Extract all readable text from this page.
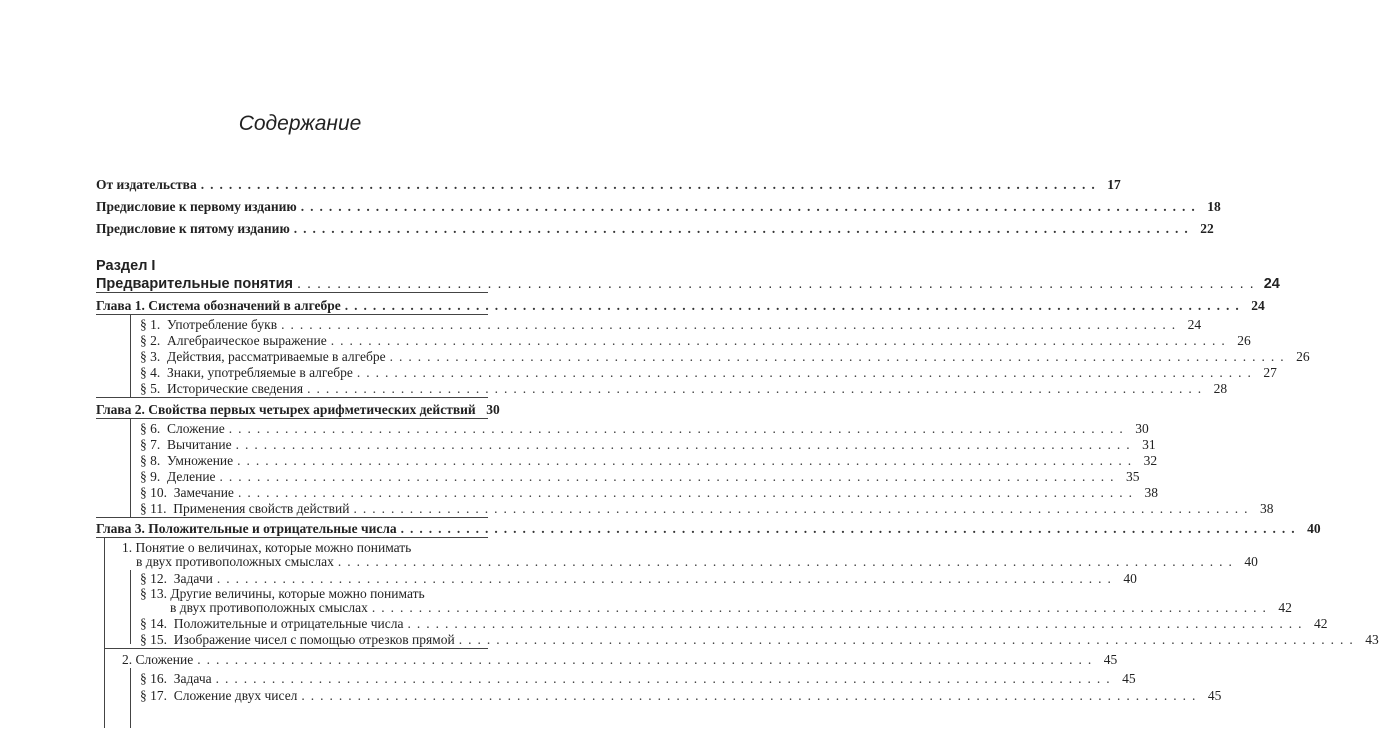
Содержание
От издательства ................................................................................................ 17
Предисловие к первому изданию ................................................................................................ 18
Предисловие к пятому изданию ................................................................................................ 22
Раздел I
Предварительные понятия ................................................................................................ 24
Глава 1. Система обозначений в алгебре ................................................................................................ 24
§ 1. Употребление букв ................................................................................................ 24
§ 2. Алгебраическое выражение ................................................................................................ 26
§ 3. Действия, рассматриваемые в алгебре ................................................................................................ 26
§ 4. Знаки, употребляемые в алгебре ................................................................................................ 27
§ 5. Исторические сведения ................................................................................................ 28
Глава 2. Свойства первых четырех арифметических действий 30
§ 6. Сложение ................................................................................................ 30
§ 7. Вычитание ................................................................................................ 31
§ 8. Умножение ................................................................................................ 32
§ 9. Деление ................................................................................................ 35
§ 10. Замечание ................................................................................................ 38
§ 11. Применения свойств действий ................................................................................................ 38
Глава 3. Положительные и отрицательные числа ................................................................................................ 40
1. Понятие о величинах, которые можно понимать
в двух противоположных смыслах ................................................................................................ 40
§ 12. Задачи ................................................................................................ 40
§ 13. Другие величины, которые можно понимать
в двух противоположных смыслах ................................................................................................ 42
§ 14. Положительные и отрицательные числа ................................................................................................ 42
§ 15. Изображение чисел с помощью отрезков прямой ................................................................................................ 43
2. Сложение ................................................................................................ 45
§ 16. Задача ................................................................................................ 45
§ 17. Сложение двух чисел ................................................................................................ 45
